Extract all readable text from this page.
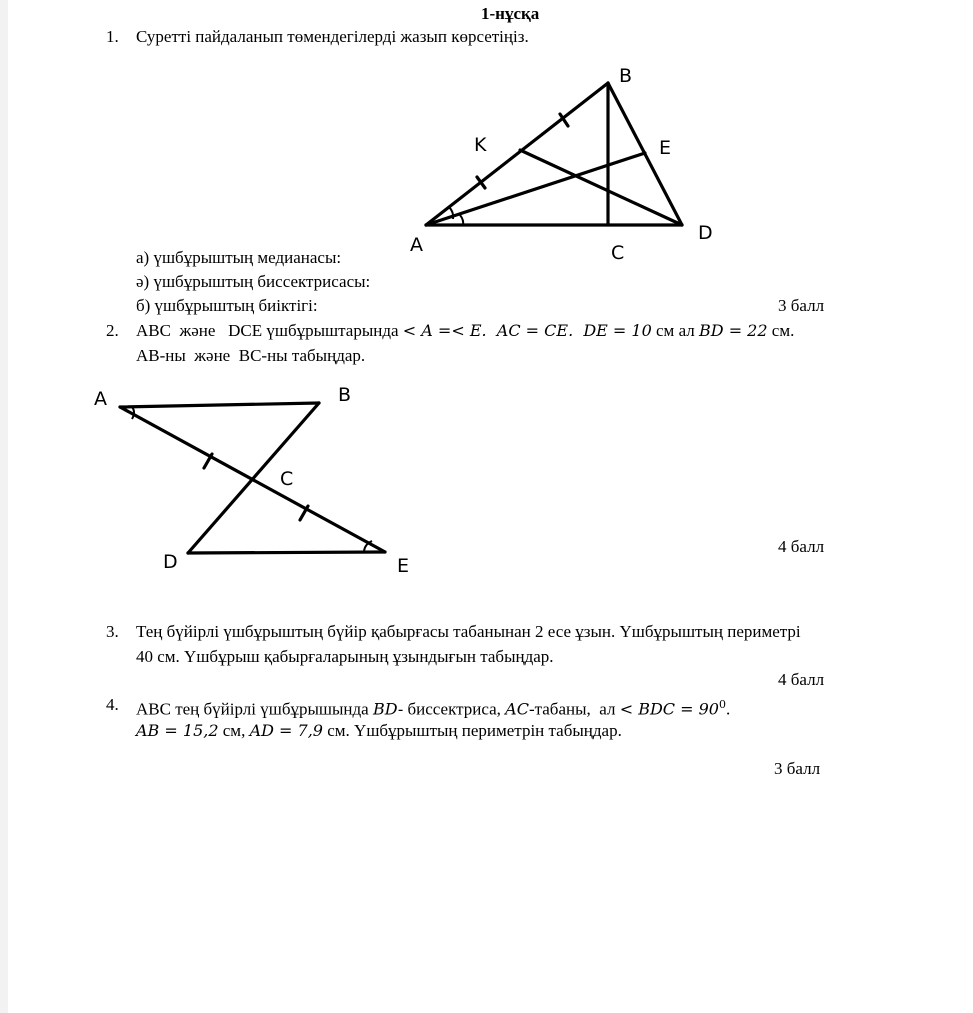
1-нұсқа
1. Суретті пайдаланып төмендегілерді жазып көрсетіңіз.
A
B
C
D
E
K
а) үшбұрыштың медианасы:
ә) үшбұрыштың биссектрисасы:
б) үшбұрыштың биіктігі:	3 балл
2. ABC  және   DCE үшбұрыштарында < A =< E.  AC = CE.  DE = 10 см ал BD = 22 см.
АВ-ны  және  ВС-ны табыңдар.
A	B
C
D	E
4 балл
3. Тең бүйірлі үшбұрыштың бүйір қабырғасы табанынан 2 есе ұзын. Үшбұрыштың периметрі
40 см. Үшбұрыш қабырғаларының ұзындығын табыңдар.
4 балл
4. АВС тең бүйірлі үшбұрышында BD- биссектриса, AC-табаны,  ал < BDC = $90^0$.
AB = 15,2 см, AD = 7,9 см. Үшбұрыштың периметрін табыңдар.
3 балл
